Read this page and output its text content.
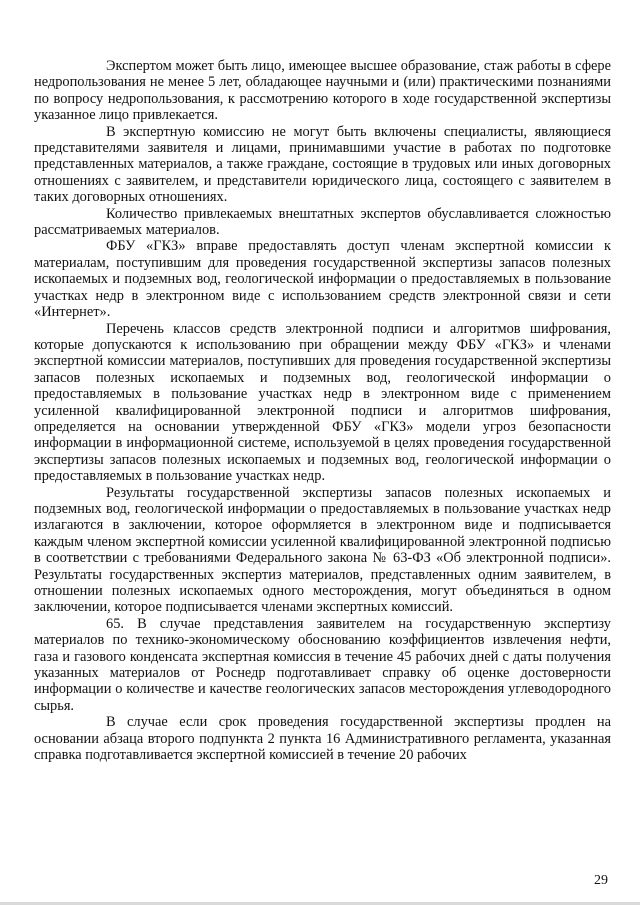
Экспертом может быть лицо, имеющее высшее образование, стаж работы в сфере недропользования не менее 5 лет, обладающее научными и (или) практическими познаниями по вопросу недропользования, к рассмотрению которого в ходе государственной экспертизы указанное лицо привлекается.

В экспертную комиссию не могут быть включены специалисты, являющиеся представителями заявителя и лицами, принимавшими участие в работах по подготовке представленных материалов, а также граждане, состоящие в трудовых или иных договорных отношениях с заявителем, и представители юридического лица, состоящего с заявителем в таких договорных отношениях.

Количество привлекаемых внештатных экспертов обуславливается сложностью рассматриваемых материалов.

ФБУ «ГКЗ» вправе предоставлять доступ членам экспертной комиссии к материалам, поступившим для проведения государственной экспертизы запасов полезных ископаемых и подземных вод, геологической информации о предоставляемых в пользование участках недр в электронном виде с использованием средств электронной связи и сети «Интернет».

Перечень классов средств электронной подписи и алгоритмов шифрования, которые допускаются к использованию при обращении между ФБУ «ГКЗ» и членами экспертной комиссии материалов, поступивших для проведения государственной экспертизы запасов полезных ископаемых и подземных вод, геологической информации о предоставляемых в пользование участках недр в электронном виде с применением усиленной квалифицированной электронной подписи и алгоритмов шифрования, определяется на основании утвержденной ФБУ «ГКЗ» модели угроз безопасности информации в информационной системе, используемой в целях проведения государственной экспертизы запасов полезных ископаемых и подземных вод, геологической информации о предоставляемых в пользование участках недр.

Результаты государственной экспертизы запасов полезных ископаемых и подземных вод, геологической информации о предоставляемых в пользование участках недр излагаются в заключении, которое оформляется в электронном виде и подписывается каждым членом экспертной комиссии усиленной квалифицированной электронной подписью в соответствии с требованиями Федерального закона № 63-ФЗ «Об электронной подписи». Результаты государственных экспертиз материалов, представленных одним заявителем, в отношении полезных ископаемых одного месторождения, могут объединяться в одном заключении, которое подписывается членами экспертных комиссий.

65. В случае представления заявителем на государственную экспертизу материалов по технико-экономическому обоснованию коэффициентов извлечения нефти, газа и газового конденсата экспертная комиссия в течение 45 рабочих дней с даты получения указанных материалов от Роснедр подготавливает справку об оценке достоверности информации о количестве и качестве геологических запасов месторождения углеводородного сырья.

В случае если срок проведения государственной экспертизы продлен на основании абзаца второго подпункта 2 пункта 16 Административного регламента, указанная справка подготавливается экспертной комиссией в течение 20 рабочих

29
